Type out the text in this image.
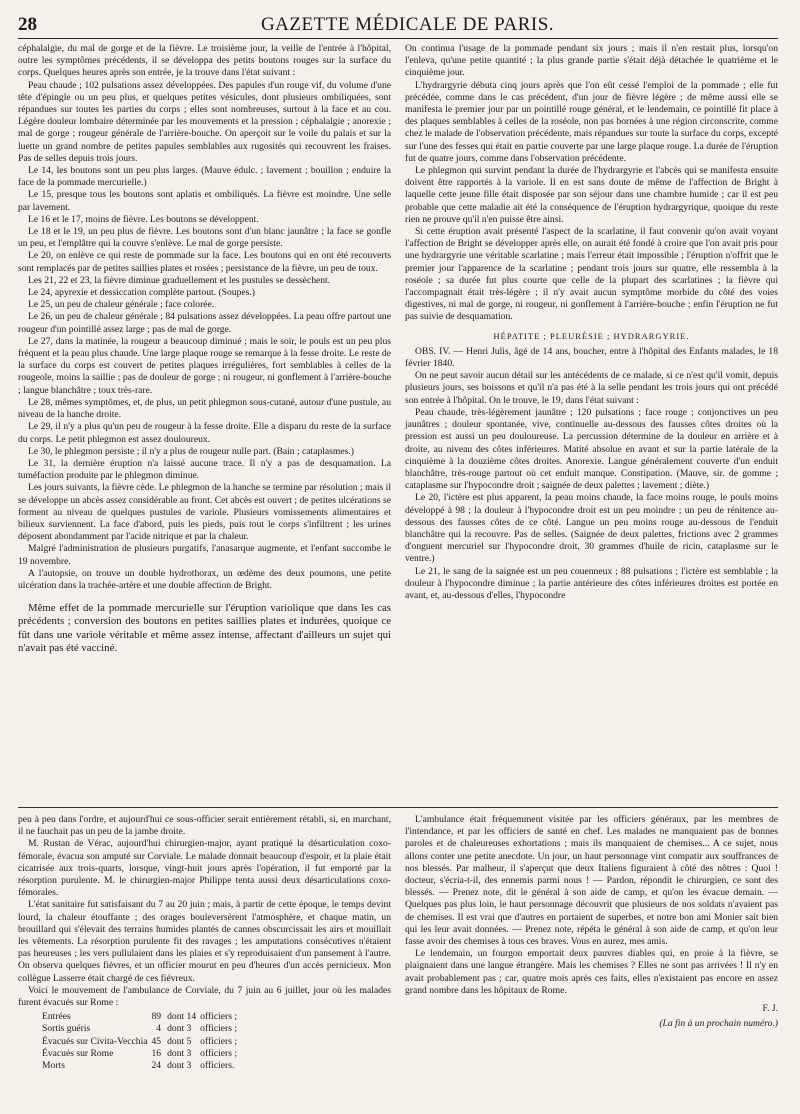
28	GAZETTE MÉDICALE DE PARIS.

céphalalgie, du mal de gorge et de la fièvre. Le troisième jour, la veille de l'entrée à l'hôpital, outre les symptômes précédents, il se développa des petits boutons rouges sur la surface du corps. Quelques heures après son entrée, je la trouve dans l'état suivant :

Peau chaude ; 102 pulsations assez développées. Des papules d'un rouge vif, du volume d'une tête d'épingle ou un peu plus, et quelques petites vésicules, dont plusieurs ombiliquées, sont répandues sur toutes les parties du corps ; elles sont nombreuses, surtout à la face et au cou. Légère douleur lombaire déterminée par les mouvements et la pression ; céphalalgie ; anorexie ; mal de gorge ; rougeur générale de l'arrière-bouche. On aperçoit sur le voile du palais et sur la luette un grand nombre de petites papules semblables aux rugosités qui recouvrent les fraises. Pas de selles depuis trois jours.

Le 14, les boutons sont un peu plus larges. (Mauve édulc. ; lavement ; bouillon ; enduire la face de la pommade mercurielle.)

Le 15, presque tous les boutons sont aplatis et ombiliqués. La fièvre est moindre. Une selle par lavement.

Le 16 et le 17, moins de fièvre. Les boutons se développent.

Le 18 et le 19, un peu plus de fièvre. Les boutons sont d'un blanc jaunâtre ; la face se gonfle un peu, et l'emplâtre qui la couvre s'enlève. Le mal de gorge persiste.

Le 20, on enlève ce qui reste de pommade sur la face. Les boutons qui en ont été recouverts sont remplacés par de petites saillies plates et rosées ; persistance de la fièvre, un peu de toux.

Les 21, 22 et 23, la fièvre diminue graduellement et les pustules se dessèchent.

Le 24, apyrexie et dessiccation complète partout. (Soupes.)

Le 25, un peu de chaleur générale ; face colorée.

Le 26, un peu de chaleur générale ; 84 pulsations assez développées. La peau offre partout une rougeur d'un pointillé assez large ; pas de mal de gorge.

Le 27, dans la matinée, la rougeur a beaucoup diminué ; mais le soir, le pouls est un peu plus fréquent et la peau plus chaude. Une large plaque rouge se remarque à la fesse droite. Le reste de la surface du corps est couvert de petites plaques irrégulières, fort semblables à celles de la rougeole, moins la saillie ; pas de douleur de gorge ; ni rougeur, ni gonflement à l'arrière-bouche ; langue blanchâtre ; toux très-rare.

Le 28, mêmes symptômes, et, de plus, un petit phlegmon sous-cutané, autour d'une pustule, au niveau de la hanche droite.

Le 29, il n'y a plus qu'un peu de rougeur à la fesse droite. Elle a disparu du reste de la surface du corps. Le petit phlegmon est assez douloureux.

Le 30, le phlegmon persiste ; il n'y a plus de rougeur nulle part. (Bain ; cataplasmes.)

Le 31, la dernière éruption n'a laissé aucune trace. Il n'y a pas de desquamation. La tuméfaction produite par le phlegmon diminue.

Les jours suivants, la fièvre cède. Le phlegmon de la hanche se termine par résolution ; mais il se développe un abcès assez considérable au front. Cet abcès est ouvert ; de petites ulcérations se forment au niveau de quelques pustules de variole. Plusieurs vomissements alimentaires et bilieux surviennent. La face d'abord, puis les pieds, puis tout le corps s'infiltrent ; les urines déposent abondamment par l'acide nitrique et par la chaleur.

Malgré l'administration de plusieurs purgatifs, l'anasarque augmente, et l'enfant succombe le 19 novembre.

A l'autopsie, on trouve un double hydrothorax, un œdème des deux poumons, une petite ulcération dans la trachée-artère et une double affection de Bright.

Même effet de la pommade mercurielle sur l'éruption variolique que dans les cas précédents ; conversion des boutons en petites saillies plates et indurées, quoique ce fût dans une variole véritable et même assez intense, affectant d'ailleurs un sujet qui n'avait pas été vacciné.

On continua l'usage de la pommade pendant six jours ; mais il n'en restait plus, lorsqu'on l'enleva, qu'une petite quantité ; la plus grande partie s'était déjà détachée le quatrième et le cinquième jour.

L'hydrargyrie débuta cinq jours après que l'on eût cessé l'emploi de la pommade ; elle fut précédée, comme dans le cas précédent, d'un jour de fièvre légère ; de même aussi elle se manifesta le premier jour par un pointillé rouge général, et le lendemain, ce pointillé fit place à des plaques semblables à celles de la roséole, non pas bornées à une région circonscrite, comme chez le malade de l'observation précédente, mais répandues sur toute la surface du corps, excepté sur l'une des fesses qui était en partie couverte par une large plaque rouge. La durée de l'éruption fut de quatre jours, comme dans l'observation précédente.

Le phlegmon qui survint pendant la durée de l'hydrargyrie et l'abcès qui se manifesta ensuite doivent être rapportés à la variole. Il en est sans doute de même de l'affection de Bright à laquelle cette jeune fille était disposée par son séjour dans une chambre humide ; car il est peu probable que cette maladie ait été la conséquence de l'éruption hydrargyrique, quoique du reste rien ne prouve qu'il n'en puisse être ainsi.

Si cette éruption avait présenté l'aspect de la scarlatine, il faut convenir qu'on avait voyant l'affection de Bright se développer après elle, on aurait été fondé à croire que l'on avait pris pour une hydrargyrie une véritable scarlatine ; mais l'erreur était impossible ; l'éruption n'offrit que le premier jour l'apparence de la scarlatine ; pendant trois jours sur quatre, elle ressembla à la roséole ; sa durée fut plus courte que celle de la plupart des scarlatines ; la fièvre qui l'accompagnait était très-légère ; il n'y avait aucun symptôme morbide du côté des voies digestives, ni mal de gorge, ni rougeur, ni gonflement à l'arrière-bouche ; enfin l'éruption ne fut pas suivie de desquamation.

HÉPATITE ; PLEURÉSIE ; HYDRARGYRIE.

OBS. IV. — Henri Julis, âgé de 14 ans, boucher, entre à l'hôpital des Enfants malades, le 18 février 1840.

On ne peut savoir aucun détail sur les antécédents de ce malade, si ce n'est qu'il vomit, depuis plusieurs jours, ses boissons et qu'il n'a pas été à la selle pendant les trois jours qui ont précédé son entrée à l'hôpital. On le trouve, le 19, dans l'état suivant :

Peau chaude, très-légèrement jaunâtre ; 120 pulsations ; face rouge ; conjonctives un peu jaunâtres ; douleur spontanée, vive, continuelle au-dessous des fausses côtes droites où la pression est aussi un peu douloureuse. La percussion détermine de la douleur en arrière et à droite, au niveau des côtes inférieures. Matité absolue en avant et sur la partie latérale de la cinquième à la douzième côtes droites. Anorexie. Langue généralement couverte d'un enduit blanchâtre, très-rouge partout où cet enduit manque. Constipation. (Mauve, sir. de gomme ; cataplasme sur l'hypocondre droit ; saignée de deux palettes ; lavement ; diète.)

Le 20, l'ictère est plus apparent, la peau moins chaude, la face moins rouge, le pouls moins développé à 98 ; la douleur à l'hypocondre droit est un peu moindre ; un peu de rénitence au-dessous des fausses côtes de ce côté. Langue un peu moins rouge au-dessous de l'enduit blanchâtre qui la recouvre. Pas de selles. (Saignée de deux palettes, frictions avec 2 grammes d'onguent mercuriel sur l'hypocondre droit, 30 grammes d'huile de ricin, cataplasme sur le ventre.)

Le 21, le sang de la saignée est un peu couenneux ; 88 pulsations ; l'ictère est semblable ; la douleur à l'hypocondre diminue ; la partie antérieure des côtes inférieures droites est portée en avant, et, au-dessous d'elles, l'hypocondre

peu à peu dans l'ordre, et aujourd'hui ce sous-officier serait entièrement rétabli, si, en marchant, il ne fauchait pas un peu de la jambe droite.

M. Rustan de Vérac, aujourd'hui chirurgien-major, ayant pratiqué la désarticulation coxo-fémorale, évacua son amputé sur Corviale. Le malade donnait beaucoup d'espoir, et la plaie était cicatrisée aux trois-quarts, lorsque, vingt-huit jours après l'opération, il fut emporté par la résorption purulente. M. le chirurgien-major Philippe tenta aussi deux désarticulations coxo-fémorales.

L'état sanitaire fut satisfaisant du 7 au 20 juin ; mais, à partir de cette époque, le temps devint lourd, la chaleur étouffante ; des orages bouleversèrent l'atmosphère, et chaque matin, un brouillard qui s'élevait des terrains humides plantés de cannes obscurcissait les airs et mouillait les vêtements. La résorption purulente fit des ravages ; les amputations consécutives n'étaient pas heureuses ; les vers pullulaient dans les plaies et s'y reproduisaient d'un pansement à l'autre. On observa quelques fièvres, et un officier mourut en peu d'heures d'un accès pernicieux. Mon collègue Lasserre était chargé de ces fiévreux.

Voici le mouvement de l'ambulance de Corviale, du 7 juin au 6 juillet, jour où les malades furent évacués sur Rome :

Entrées	89	dont 14	officiers ;
Sortis guéris	4	dont 3	officiers ;
Évacués sur Civita-Vecchia	45	dont 5	officiers ;
Évacués sur Rome	16	dont 3	officiers ;
Morts	24	dont 3	officiers.

L'ambulance était fréquemment visitée par les officiers généraux, par les membres de l'intendance, et par les officiers de santé en chef. Les malades ne manquaient pas de bonnes paroles et de chaleureuses exhortations ; mais ils manquaient de chemises... A ce sujet, nous allons conter une petite anecdote. Un jour, un haut personnage vint compatir aux souffrances de nos blessés. Par malheur, il s'aperçut que deux Italiens figuraient à côté des nôtres : Quoi ! docteur, s'écria-t-il, des ennemis parmi nous ! — Pardon, répondit le chirurgien, ce sont des blessés. — Prenez note, dit le général à son aide de camp, et qu'on les évacue demain. — Quelques pas plus loin, le haut personnage découvrit que plusieurs de nos soldats n'avaient pas de chemises. Il est vrai que d'autres en portaient de superbes, et notre bon ami Monier sait bien qui les leur avait données. — Prenez note, répéta le général à son aide de camp, et qu'on leur fasse avoir des chemises à tous ces braves. Vous en aurez, mes amis.

Le lendemain, un fourgon emportait deux pauvres diables qui, en proie à la fièvre, se plaignaient dans une langue étrangère. Mais les chemises ? Elles ne sont pas arrivées ! Il n'y en avait probablement pas ; car, quatre mois après ces faits, elles n'existaient pas encore en assez grand nombre dans les hôpitaux de Rome.

F. J.
(La fin à un prochain numéro.)
